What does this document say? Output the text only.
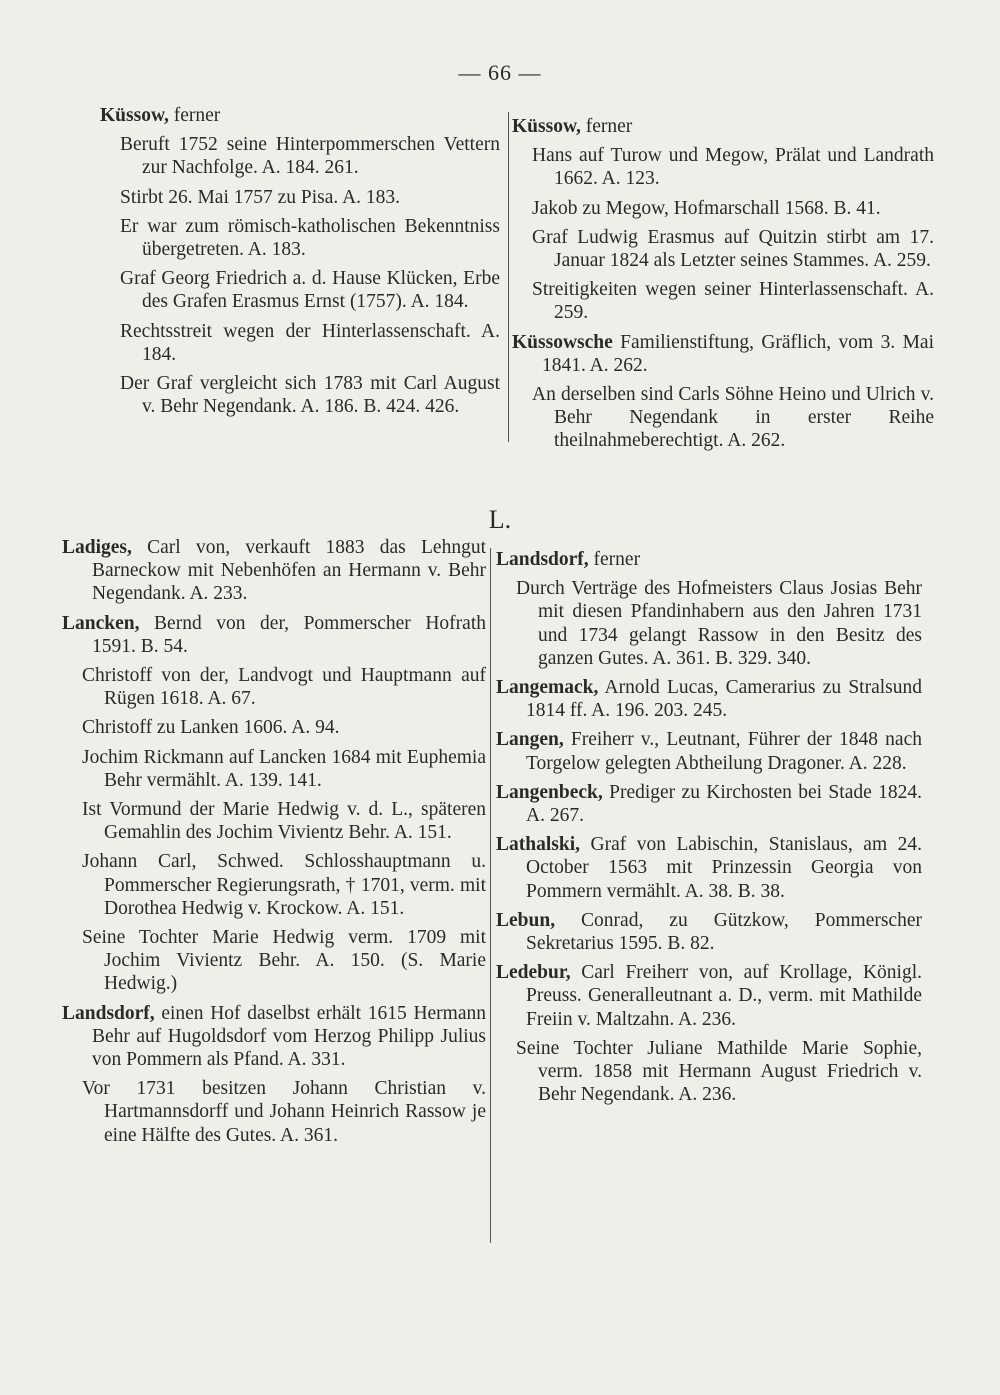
— 66 —

Küssow, ferner

Beruft 1752 seine Hinterpommerschen Vettern zur Nachfolge. A. 184. 261.

Stirbt 26. Mai 1757 zu Pisa. A. 183.

Er war zum römisch-katholischen Bekenntniss übergetreten. A. 183.

Graf Georg Friedrich a. d. Hause Klücken, Erbe des Grafen Erasmus Ernst (1757). A. 184.

Rechtsstreit wegen der Hinterlassenschaft. A. 184.

Der Graf vergleicht sich 1783 mit Carl August v. Behr Negendank. A. 186. B. 424. 426.

Küssow, ferner

Hans auf Turow und Megow, Prälat und Landrath 1662. A. 123.

Jakob zu Megow, Hofmarschall 1568. B. 41.

Graf Ludwig Erasmus auf Quitzin stirbt am 17. Januar 1824 als Letzter seines Stammes. A. 259.

Streitigkeiten wegen seiner Hinterlassenschaft. A. 259.

Küssowsche Familienstiftung, Gräflich, vom 3. Mai 1841. A. 262.

An derselben sind Carls Söhne Heino und Ulrich v. Behr Negendank in erster Reihe theilnahmeberechtigt. A. 262.

L.

Ladiges, Carl von, verkauft 1883 das Lehngut Barneckow mit Nebenhöfen an Hermann v. Behr Negendank. A. 233.

Lancken, Bernd von der, Pommerscher Hofrath 1591. B. 54.

Christoff von der, Landvogt und Hauptmann auf Rügen 1618. A. 67.

Christoff zu Lanken 1606. A. 94.

Jochim Rickmann auf Lancken 1684 mit Euphemia Behr vermählt. A. 139. 141.

Ist Vormund der Marie Hedwig v. d. L., späteren Gemahlin des Jochim Vivientz Behr. A. 151.

Johann Carl, Schwed. Schlosshauptmann u. Pommerscher Regierungsrath, † 1701, verm. mit Dorothea Hedwig v. Krockow. A. 151.

Seine Tochter Marie Hedwig verm. 1709 mit Jochim Vivientz Behr. A. 150. (S. Marie Hedwig.)

Landsdorf, einen Hof daselbst erhält 1615 Hermann Behr auf Hugoldsdorf vom Herzog Philipp Julius von Pommern als Pfand. A. 331.

Vor 1731 besitzen Johann Christian v. Hartmannsdorff und Johann Heinrich Rassow je eine Hälfte des Gutes. A. 361.

Landsdorf, ferner

Durch Verträge des Hofmeisters Claus Josias Behr mit diesen Pfandinhabern aus den Jahren 1731 und 1734 gelangt Rassow in den Besitz des ganzen Gutes. A. 361. B. 329. 340.

Langemack, Arnold Lucas, Camerarius zu Stralsund 1814 ff. A. 196. 203. 245.

Langen, Freiherr v., Leutnant, Führer der 1848 nach Torgelow gelegten Abtheilung Dragoner. A. 228.

Langenbeck, Prediger zu Kirchosten bei Stade 1824. A. 267.

Lathalski, Graf von Labischin, Stanislaus, am 24. October 1563 mit Prinzessin Georgia von Pommern vermählt. A. 38. B. 38.

Lebun, Conrad, zu Gützkow, Pommerscher Sekretarius 1595. B. 82.

Ledebur, Carl Freiherr von, auf Krollage, Königl. Preuss. Generalleutnant a. D., verm. mit Mathilde Freiin v. Maltzahn. A. 236.

Seine Tochter Juliane Mathilde Marie Sophie, verm. 1858 mit Hermann August Friedrich v. Behr Negendank. A. 236.
